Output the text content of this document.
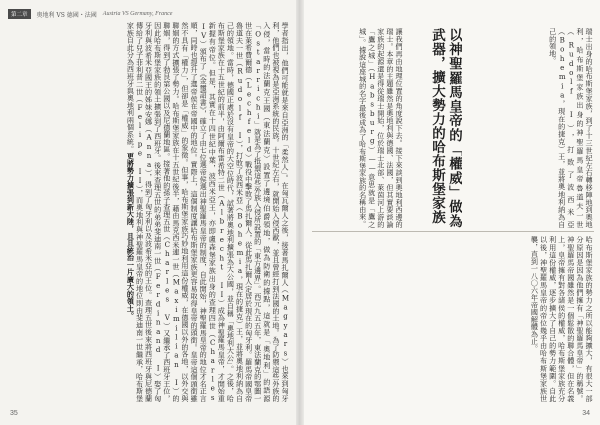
第二章	奧地利 VS 德國・法國 Austria VS Germany, France
學者指出，他們可能就是來自亞洲的「柔然人」。在匈瓦爾人之後，接著馬扎爾人（Magyars）也來到匈牙利，他們也被視為是亞洲系統的民族。十世紀左右，就開始入侵西歐，並且曾經打到法國的土地。為了防禦這些外族的入侵，當時的法蘭克王國（東法蘭克）設置了邊境伯爵領地，做為防衛的據點，這就是「奧地利」的語源「Ostarrichi」就是為了抵禦這些外族入侵所設置的「東方邊界」。西元九五五年，東法蘭克的鄂圖一世在萊希費爾德（Lechfeld）戰役中擊敗了馬扎爾人，從此馬扎爾人定居於現在的匈牙利。羅馬帝國皇帝魯道夫一世（Rudolf I），打敗了波西米亞（Bohemia，現在的捷克）王，並將奧地利納為自己的領地。當時，德國正處於沒有皇帝的大空位時代，試著將奧地利擴張為大公國，並自稱「奧地利大公」。之後，哈布斯堡家族在十五世紀的前半，由阿爾布雷希特二世（Albrecht II）成為神聖羅馬皇帝，才開始重新握有帝位。但是，其實在十四世紀中葉，波西米亞王，亦即盧森堡家族出身的查理四世（Charles IV）頒布了《金璽詔書》，確立了由七位選帝侯選出神聖羅馬皇帝的制度，自此開始，神聖羅馬皇帝的地位才名正言順，同時也提升了選帝侯在帝國中的地位。實際上，這個制度讓哈布斯堡家族更容易取得皇帝的頭銜。皇帝這個頭銜雖然不具有「權力」，但卻是「權威」的象徵。但事，哈布斯堡家族巧妙地利用這份權威，在德國以外的各地，以外交與聯姻的方式擴張了勢力。哈布斯堡家族在十五世紀後半，藉由馬克西米連一世（Maximilian I）的聯姻，得到了勃艮第公國以及尼德蘭地區。接著他的孫子查理五世（Charles V）又繼承了西班牙王位，因此哈布斯堡家族的領土擴張到了西班牙。後來查理五世的弟弟斐迪南一世（Ferdinand I）娶了匈牙利與波希米亞國王的姊妹安娜（Anna），得到了匈牙利以及波希米亞的王位。查理五世後來將西班牙與尼德蘭傳給了兒子菲利普二世（Felipe II），而奧地利與神聖羅馬皇帝的地位則由斐迪南一世繼承，哈布斯堡家族自此分為西班牙與奧地利兩個系統。更將勢力擴張到新大陸，且且統治一片廣大的領土。
35
瑞士出身的哈布斯堡家族，到了十三世紀左右轉移陣地到奧地利，哈布斯堡家族出身的神聖羅馬皇帝魯道夫一世（Rudolf I），打敗了波西米亞（Bohemia，現在的捷克）王，並將奧地利納為自己的領地。
以神聖羅馬皇帝的「權威」做為武器，擴大勢力的哈布斯堡家族
讓我們再由地理位置的角度說下去。接下來談到奧地利西邊的瑞士。本章的主題雖然是奧地利與德國、法國，但其實要談論家族的起源還是得從瑞士開始，位於瑞士北部、萊茵河上游的「鷹之城」（Habsburg）——意思就是「鷹之城」。據說這座城的名字最後成為了哈布斯堡家族的名稱由來。
哈布斯堡家族的勢力之所以能夠擴大，有很大一部分原因是因為他們擁有「神聖羅馬皇帝」的稱號。神聖羅馬帝國雖然是一個鬆散的聯合體，但在名義上，皇帝擁有對各諸侯的權威，哈布斯堡家族充分利用這份權威，逐步擴大了自己的勢力範圍。自此以後，神聖羅馬皇帝的帝位幾乎由哈布斯堡家族世襲，直到一八〇六年帝國解體為止。
34
